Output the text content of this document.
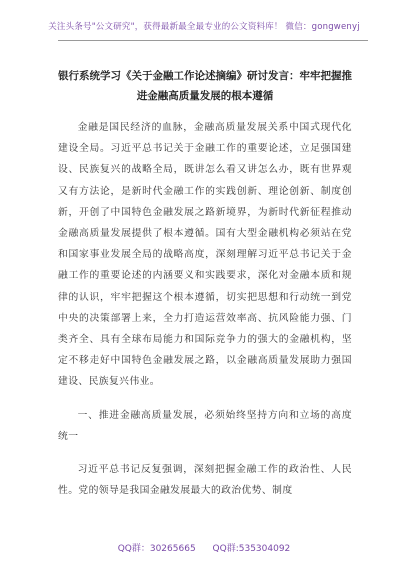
关注头条号"公文研究"，获得最新最全最专业的公文资料库！ 微信：gongwenyj
银行系统学习《关于金融工作论述摘编》研讨发言：牢牢把握推进金融高质量发展的根本遵循

金融是国民经济的血脉，金融高质量发展关系中国式现代化建设全局。习近平总书记关于金融工作的重要论述，立足强国建设、民族复兴的战略全局，既讲怎么看又讲怎么办，既有世界观又有方法论，是新时代金融工作的实践创新、理论创新、制度创新，开创了中国特色金融发展之路新境界，为新时代新征程推动金融高质量发展提供了根本遵循。国有大型金融机构必须站在党和国家事业发展全局的战略高度，深刻理解习近平总书记关于金融工作的重要论述的内涵要义和实践要求，深化对金融本质和规律的认识，牢牢把握这个根本遵循，切实把思想和行动统一到党中央的决策部署上来，全力打造运营效率高、抗风险能力强、门类齐全、具有全球布局能力和国际竞争力的强大的金融机构，坚定不移走好中国特色金融发展之路，以金融高质量发展助力强国建设、民族复兴伟业。

一、推进金融高质量发展，必须始终坚持方向和立场的高度统一

习近平总书记反复强调，深刻把握金融工作的政治性、人民性。党的领导是我国金融发展最大的政治优势、制度

QQ群：30265665 QQ群:535304092
